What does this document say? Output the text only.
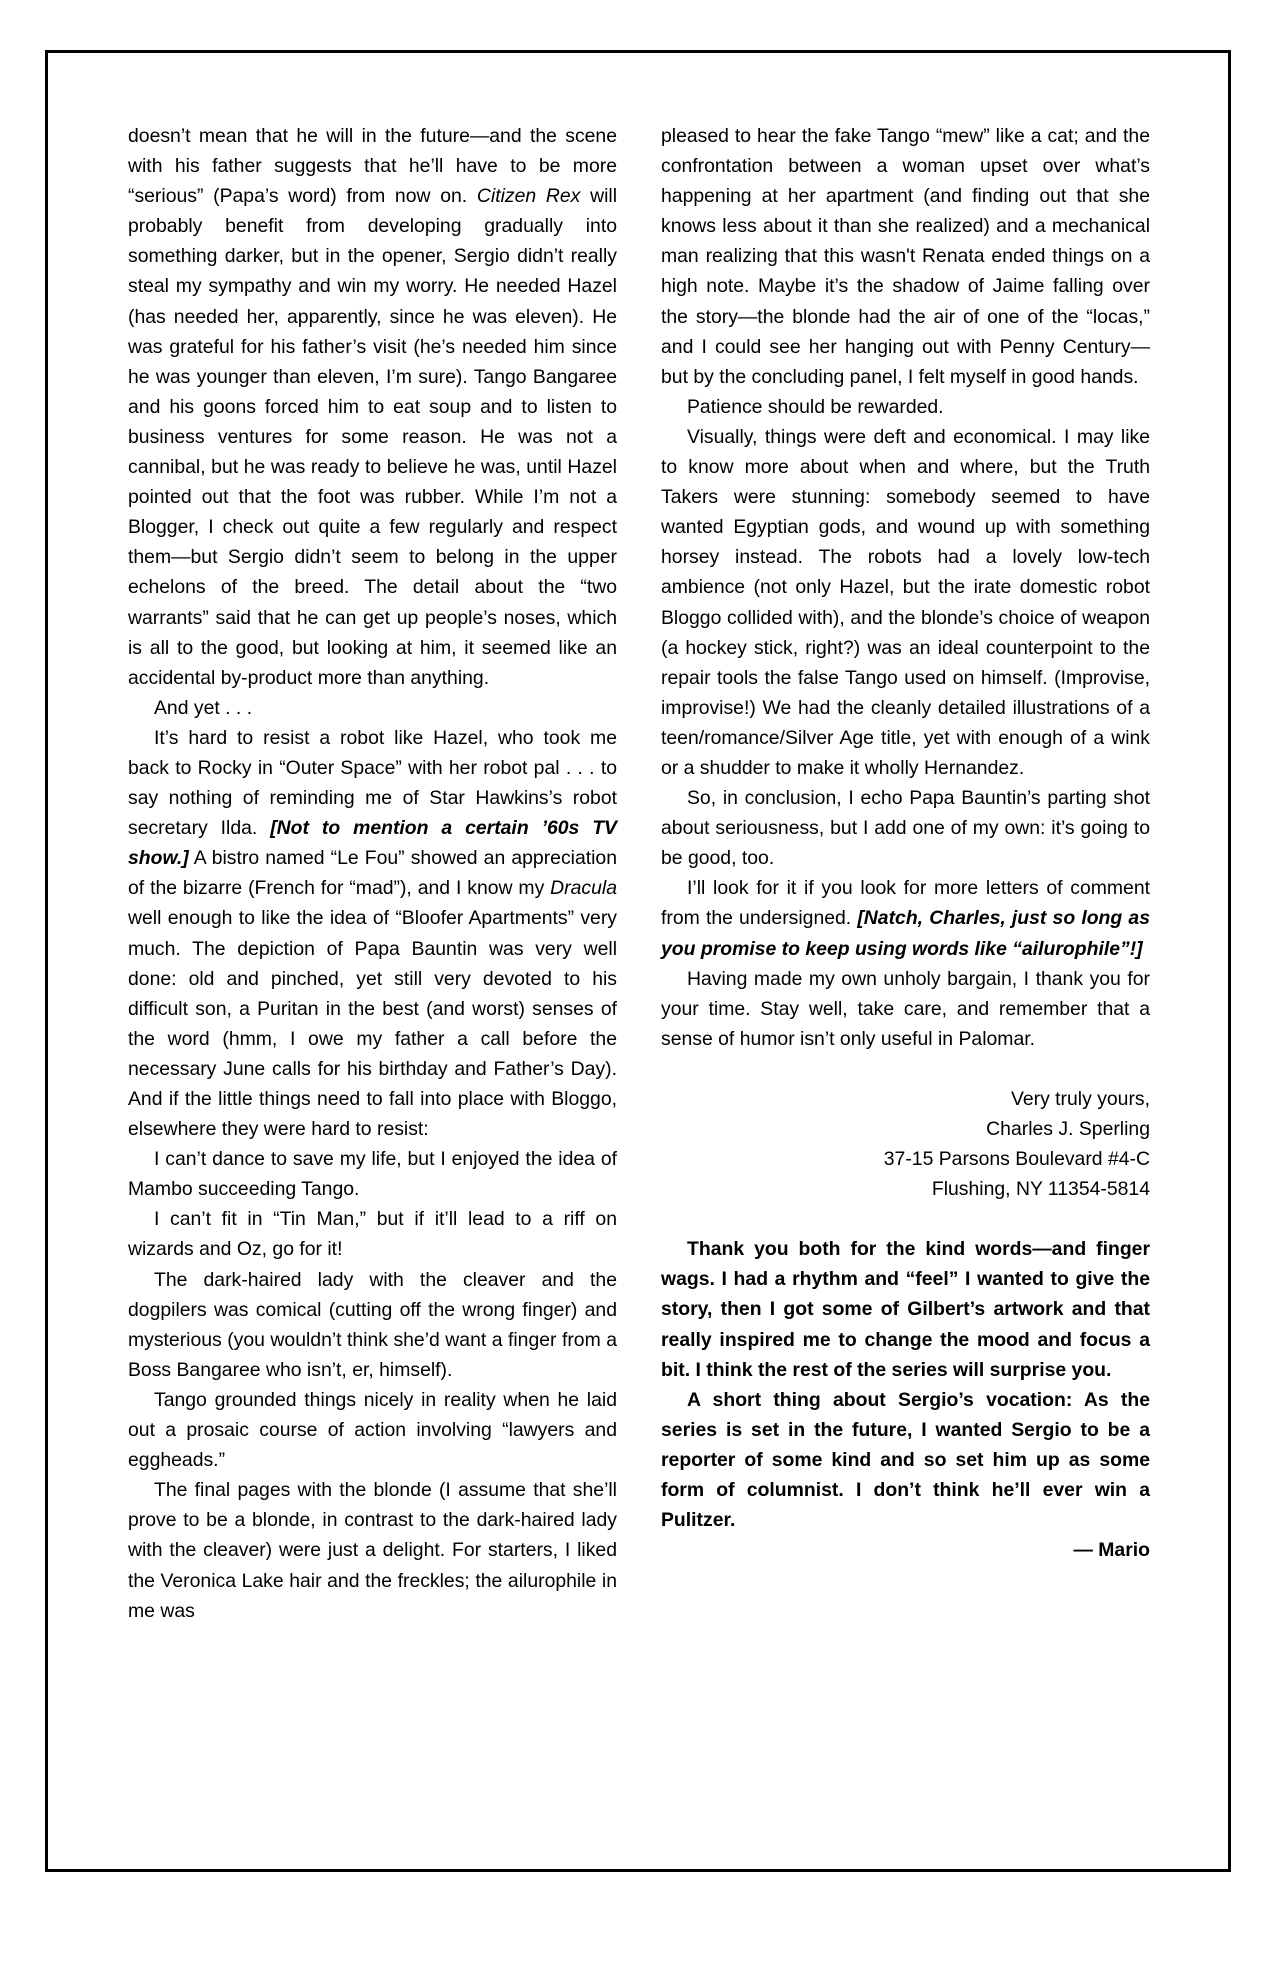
doesn’t mean that he will in the future—and the scene with his father suggests that he’ll have to be more “serious” (Papa’s word) from now on. Citizen Rex will probably benefit from developing gradually into something darker, but in the opener, Sergio didn’t really steal my sympathy and win my worry. He needed Hazel (has needed her, apparently, since he was eleven). He was grateful for his father’s visit (he’s needed him since he was younger than eleven, I’m sure). Tango Bangaree and his goons forced him to eat soup and to listen to business ventures for some reason. He was not a cannibal, but he was ready to believe he was, until Hazel pointed out that the foot was rubber. While I’m not a Blogger, I check out quite a few regularly and respect them—but Sergio didn’t seem to belong in the upper echelons of the breed. The detail about the “two warrants” said that he can get up people’s noses, which is all to the good, but looking at him, it seemed like an accidental by-product more than anything.

And yet . . .

It’s hard to resist a robot like Hazel, who took me back to Rocky in “Outer Space” with her robot pal . . . to say nothing of reminding me of Star Hawkins’s robot secretary Ilda. [Not to mention a certain ’60s TV show.] A bistro named “Le Fou” showed an appreciation of the bizarre (French for “mad”), and I know my Dracula well enough to like the idea of “Bloofer Apartments” very much. The depiction of Papa Bauntin was very well done: old and pinched, yet still very devoted to his difficult son, a Puritan in the best (and worst) senses of the word (hmm, I owe my father a call before the necessary June calls for his birthday and Father’s Day). And if the little things need to fall into place with Bloggo, elsewhere they were hard to resist:

I can’t dance to save my life, but I enjoyed the idea of Mambo succeeding Tango.

I can’t fit in “Tin Man,” but if it’ll lead to a riff on wizards and Oz, go for it!

The dark-haired lady with the cleaver and the dogpilers was comical (cutting off the wrong finger) and mysterious (you wouldn’t think she’d want a finger from a Boss Bangaree who isn’t, er, himself).

Tango grounded things nicely in reality when he laid out a prosaic course of action involving “lawyers and eggheads.”

The final pages with the blonde (I assume that she’ll prove to be a blonde, in contrast to the dark-haired lady with the cleaver) were just a delight. For starters, I liked the Veronica Lake hair and the freckles; the ailurophile in me was

pleased to hear the fake Tango “mew” like a cat; and the confrontation between a woman upset over what’s happening at her apartment (and finding out that she knows less about it than she realized) and a mechanical man realizing that this wasn't Renata ended things on a high note. Maybe it’s the shadow of Jaime falling over the story—the blonde had the air of one of the “locas,” and I could see her hanging out with Penny Century—but by the concluding panel, I felt myself in good hands.

Patience should be rewarded.

Visually, things were deft and economical. I may like to know more about when and where, but the Truth Takers were stunning: somebody seemed to have wanted Egyptian gods, and wound up with something horsey instead. The robots had a lovely low-tech ambience (not only Hazel, but the irate domestic robot Bloggo collided with), and the blonde’s choice of weapon (a hockey stick, right?) was an ideal counterpoint to the repair tools the false Tango used on himself. (Improvise, improvise!) We had the cleanly detailed illustrations of a teen/romance/Silver Age title, yet with enough of a wink or a shudder to make it wholly Hernandez.

So, in conclusion, I echo Papa Bauntin’s parting shot about seriousness, but I add one of my own: it’s going to be good, too.

I’ll look for it if you look for more letters of comment from the undersigned. [Natch, Charles, just so long as you promise to keep using words like “ailurophile”!]

Having made my own unholy bargain, I thank you for your time. Stay well, take care, and remember that a sense of humor isn’t only useful in Palomar.

Very truly yours,

Charles J. Sperling

37-15 Parsons Boulevard #4-C

Flushing, NY 11354-5814

Thank you both for the kind words—and finger wags. I had a rhythm and “feel” I wanted to give the story, then I got some of Gilbert’s artwork and that really inspired me to change the mood and focus a bit. I think the rest of the series will surprise you.

A short thing about Sergio’s vocation: As the series is set in the future, I wanted Sergio to be a reporter of some kind and so set him up as some form of columnist. I don’t think he’ll ever win a Pulitzer.

— Mario
